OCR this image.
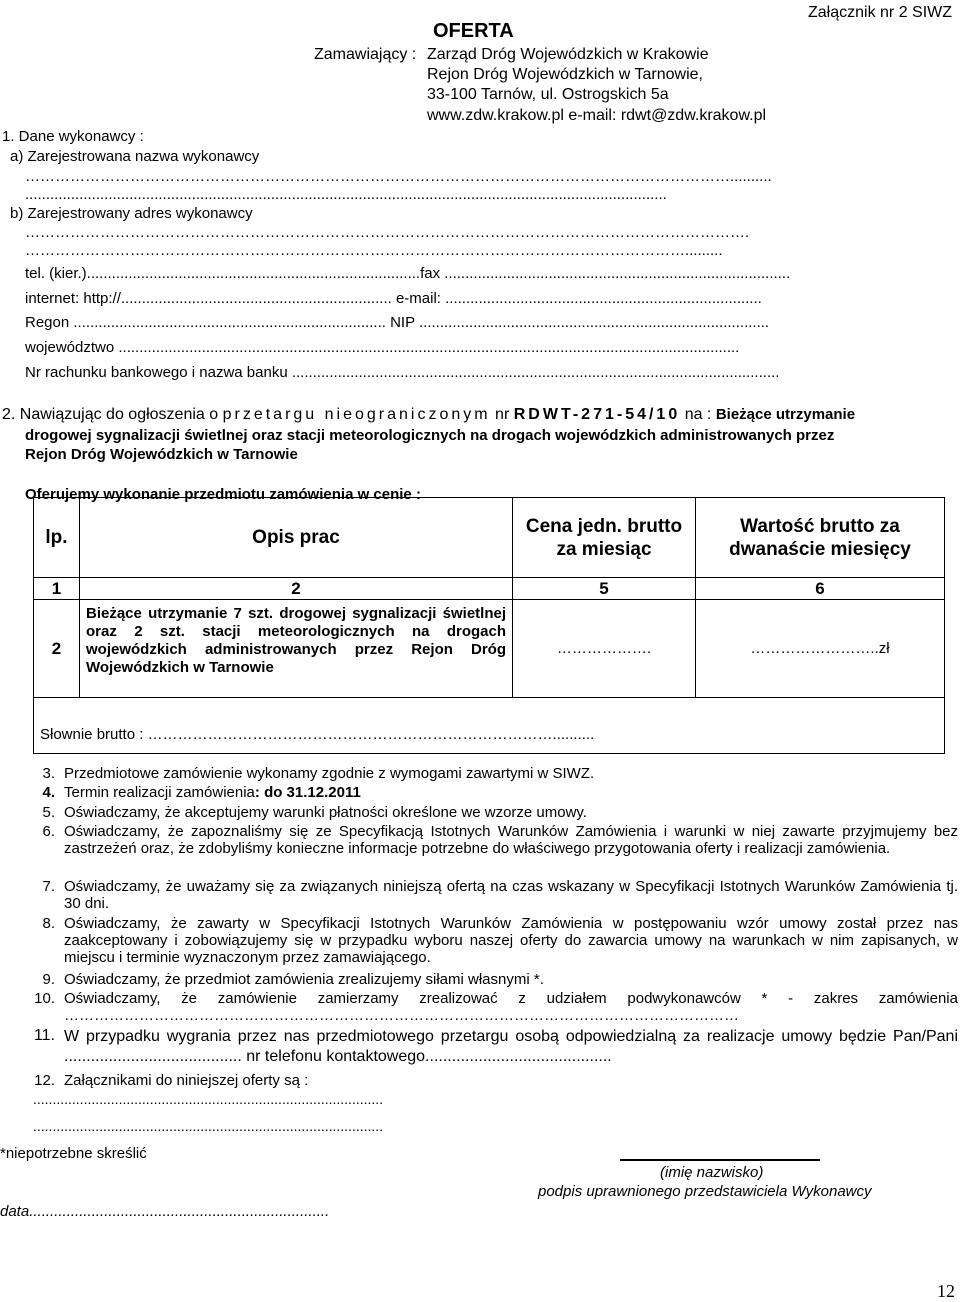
Załącznik nr 2 SIWZ
OFERTA
Zamawiający : Zarząd Dróg Wojewódzkich w Krakowie
Rejon Dróg Wojewódzkich w Tarnowie,
33-100 Tarnów, ul. Ostrogskich 5a
www.zdw.krakow.pl e-mail: rdwt@zdw.krakow.pl
1. Dane wykonawcy :
a) Zarejestrowana nazwa wykonawcy
……………………………………………………………………………………………………………………………..........
..........................................................................................................................................................
b) Zarejestrowany adres wykonawcy
……………………………………………………………………………………………………………………………….
…………………………………………………………………………………………………………………….........
tel. (kier.)................................................................................fax ...................................................................................
internet: http://................................................................. e-mail: ............................................................................
Regon ........................................................................... NIP ....................................................................................
województwo .....................................................................................................................................................
Nr rachunku bankowego i nazwa banku .....................................................................................................................
2. Nawiązując do ogłoszenia o przetargu nieograniczonym nr RDWT-271-54/10 na : Bieżące utrzymanie
drogowej sygnalizacji świetlnej oraz stacji meteorologicznych na drogach wojewódzkich administrowanych przez
Rejon Dróg Wojewódzkich w Tarnowie
Oferujemy wykonanie przedmiotu zamówienia w cenie :
lp.	Opis prac	Cena jedn. brutto za miesiąc	Wartość brutto za dwanaście miesięcy
1	2	5	6
2	Bieżące utrzymanie 7 szt. drogowej sygnalizacji świetlnej oraz 2 szt. stacji meteorologicznych na drogach wojewódzkich administrowanych przez Rejon Dróg Wojewódzkich w Tarnowie	……………….	……………………..zł
Słownie brutto : ………………………………………………………………………..........			
3. Przedmiotowe zamówienie wykonamy zgodnie z wymogami zawartymi w SIWZ.
4. Termin realizacji zamówienia: do 31.12.2011
5. Oświadczamy, że akceptujemy warunki płatności określone we wzorze umowy.
6. Oświadczamy, że zapoznaliśmy się ze Specyfikacją Istotnych Warunków Zamówienia i warunki w niej zawarte przyjmujemy bez zastrzeżeń oraz, że zdobyliśmy konieczne informacje potrzebne do właściwego przygotowania oferty i realizacji zamówienia.
7. Oświadczamy, że uważamy się za związanych niniejszą ofertą na czas wskazany w Specyfikacji Istotnych Warunków Zamówienia tj. 30 dni.
8. Oświadczamy, że zawarty w Specyfikacji Istotnych Warunków Zamówienia w postępowaniu wzór umowy został przez nas zaakceptowany i zobowiązujemy się w przypadku wyboru naszej oferty do zawarcia umowy na warunkach w nim zapisanych, w miejscu i terminie wyznaczonym przez zamawiającego.
9. Oświadczamy, że przedmiot zamówienia zrealizujemy siłami własnymi *.
10. Oświadczamy, że zamówienie zamierzamy zrealizować z udziałem podwykonawców * - zakres zamówienia ………………………………………………………………………………………………………………………
11. W przypadku wygrania przez nas przedmiotowego przetargu osobą odpowiedzialną za realizacje umowy będzie Pan/Pani ........................................ nr telefonu kontaktowego..........................................
12. Załącznikami do niniejszej oferty są :
..........................................................................................
..........................................................................................
*niepotrzebne skreślić
(imię nazwisko)
podpis uprawnionego przedstawiciela Wykonawcy
data........................................................................
12
